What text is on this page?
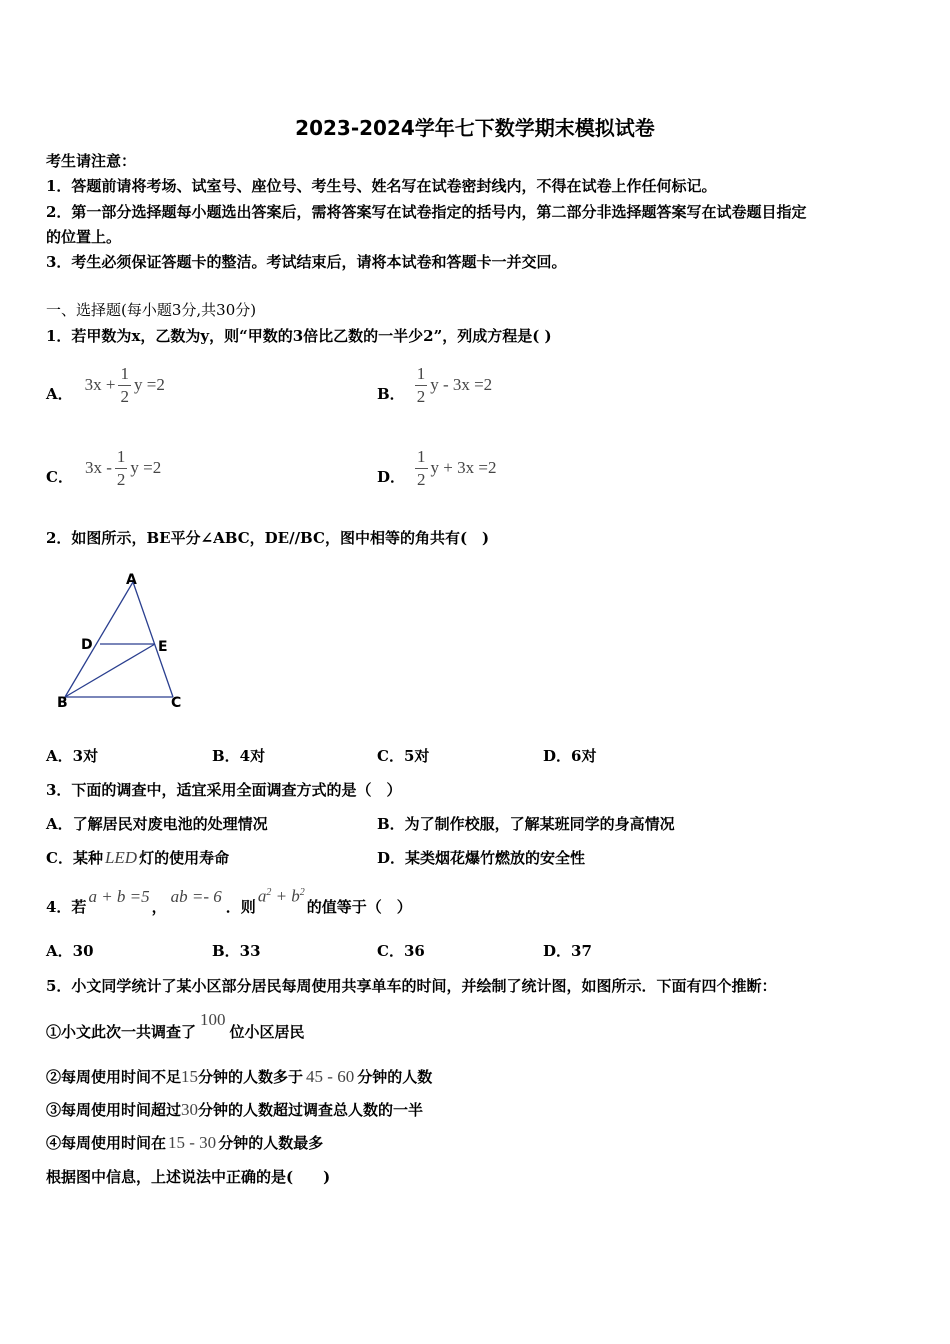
2023-2024学年七下数学期末模拟试卷
考生请注意：
1．答题前请将考场、试室号、座位号、考生号、姓名写在试卷密封线内，不得在试卷上作任何标记。
2．第一部分选择题每小题选出答案后，需将答案写在试卷指定的括号内，第二部分非选择题答案写在试卷题目指定
的位置上。
3．考生必须保证答题卡的整洁。考试结束后，请将本试卷和答题卡一并交回。
一、选择题(每小题3分,共30分)
1．若甲数为x，乙数为y，则“甲数的3倍比乙数的一半少2”，列成方程是( )
A． $3x + \frac{1}{2}$ y =2	B． $\frac{1}{2}$ y - 3x =2
C． $3x - \frac{1}{2}$ y =2	D． $\frac{1}{2}$ y + 3x =2
2．如图所示，BE平分∠ABC，DE//BC，图中相等的角共有(　)
A
D	E
B	C
A．3对	B．4对	C．5对	D．6对
3．下面的调查中，适宜采用全面调查方式的是（　）
A．了解居民对废电池的处理情况	B．为了制作校服，了解某班同学的身高情况
C．某种 LED 灯的使用寿命	D．某类烟花爆竹燃放的安全性
4．若
a + b =5
，
ab =- 6
．则
$a^2 + b^2$
的值等于（　）
A．30	B．33	C．36	D．37
5．小文同学统计了某小区部分居民每周使用共享单车的时间，并绘制了统计图，如图所示．下面有四个推断：
①小文此次一共调查了
100
位小区居民
②每周使用时间不足15分钟的人数多于 45 - 60 分钟的人数
③每周使用时间超过30分钟的人数超过调查总人数的一半
④每周使用时间在 15 - 30 分钟的人数最多
根据图中信息，上述说法中正确的是(　　)
